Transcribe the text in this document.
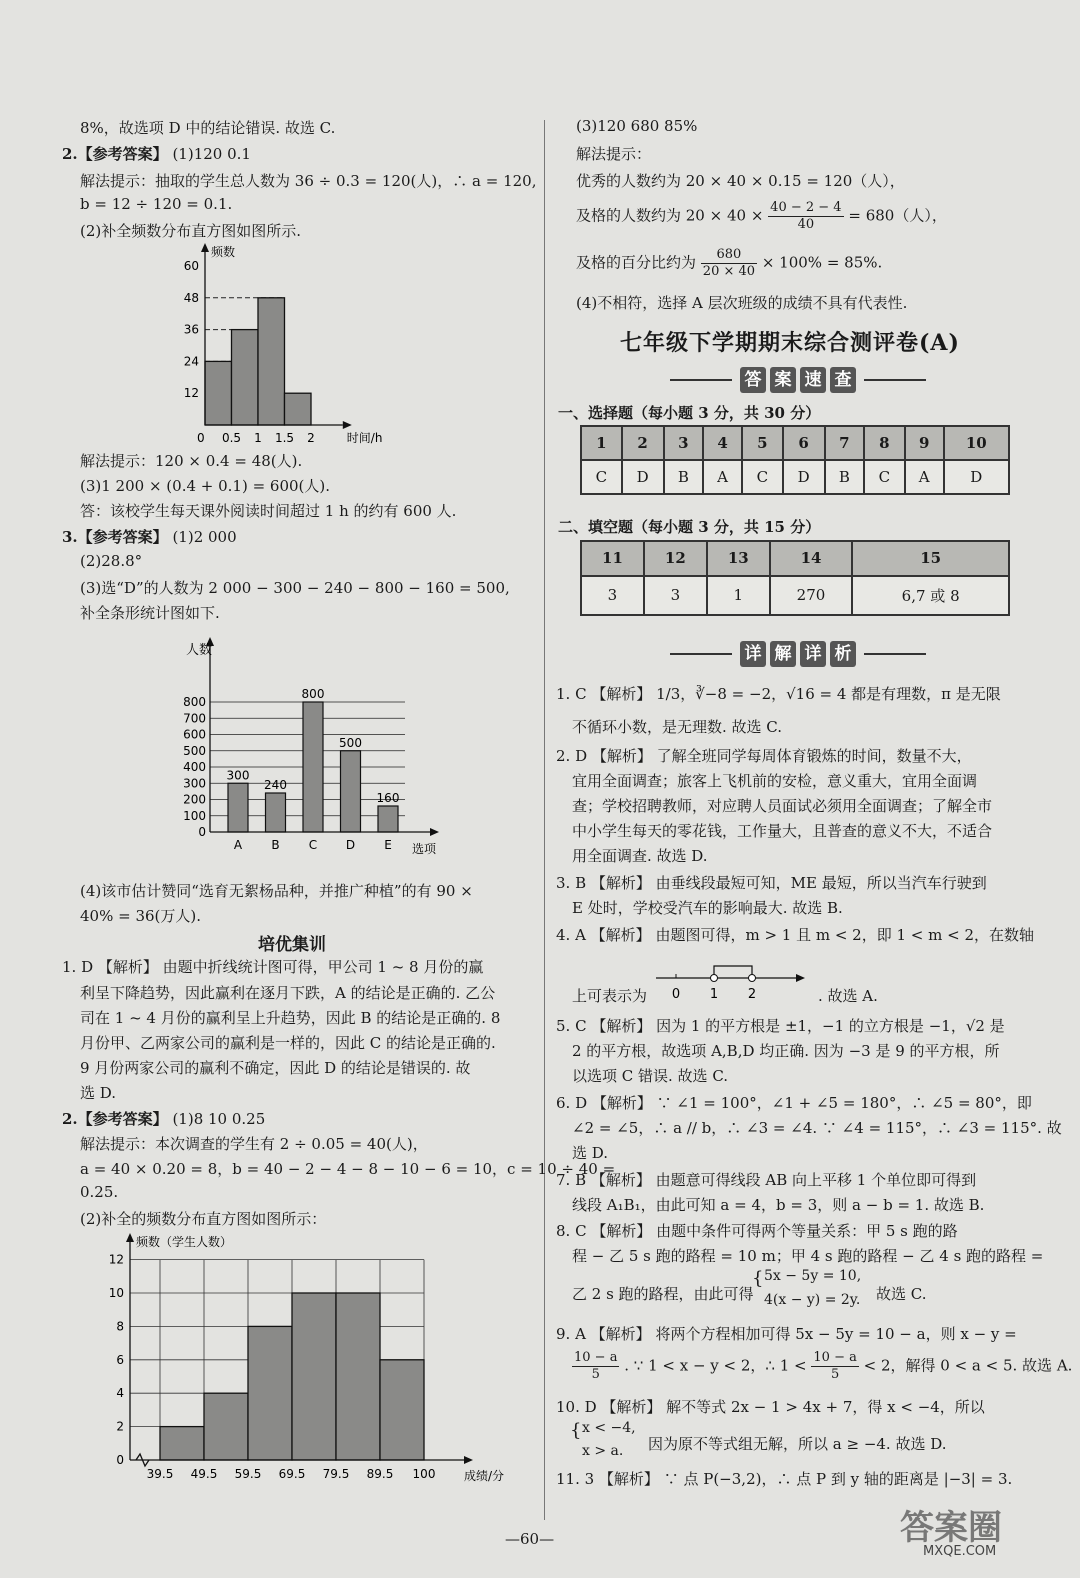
8%，故选项 D 中的结论错误. 故选 C.
2.【参考答案】 (1)120 0.1
解法提示：抽取的学生总人数为 36 ÷ 0.3 = 120(人)，∴ a = 120,
b = 12 ÷ 120 = 0.1.
(2)补全频数分布直方图如图所示.
12
24
36
48
60
0 0.5 1 1.5 2
频数
时间/h
解法提示：120 × 0.4 = 48(人).
(3)1 200 × (0.4 + 0.1) = 600(人).
答：该校学生每天课外阅读时间超过 1 h 的约有 600 人.
3.【参考答案】 (1)2 000
(2)28.8°
(3)选“D”的人数为 2 000 − 300 − 240 − 800 − 160 = 500,
补全条形统计图如下.
0
100
200
300
400
500
600
700
800
300
A
240
B
800
C
500
D
160
E
人数
选项
(4)该市估计赞同“选育无絮杨品种，并推广种植”的有 90 ×
40% = 36(万人).
培优集训
1. D 【解析】 由题中折线统计图可得，甲公司 1 ~ 8 月份的赢
利呈下降趋势，因此赢利在逐月下跌，A 的结论是正确的. 乙公
司在 1 ~ 4 月份的赢利呈上升趋势，因此 B 的结论是正确的. 8
月份甲、乙两家公司的赢利是一样的，因此 C 的结论是正确的.
9 月份两家公司的赢利不确定，因此 D 的结论是错误的. 故
选 D.
2.【参考答案】 (1)8 10 0.25
解法提示：本次调查的学生有 2 ÷ 0.05 = 40(人)，
a = 40 × 0.20 = 8，b = 40 − 2 − 4 − 8 − 10 − 6 = 10，c = 10 ÷ 40 =
0.25.
(2)补全的频数分布直方图如图所示：
2
4
6
8
10
12
39.5 49.5 59.5 69.5 79.5 89.5 100
频数（学生人数）
成绩/分
0
(3)120 680 85%
解法提示：
优秀的人数约为 20 × 40 × 0.15 = 120（人），
及格的人数约为 $20 \times 40 \times \frac{40 - 2 - 4}{40} = 680$（人），
及格的百分比约为 $\frac{680}{20 \times 40} \times 100\% = 85\%$.
(4)不相符，选择 A 层次班级的成绩不具有代表性.
七年级下学期期末综合测评卷(A)
答 案 速 查
一、选择题（每小题 3 分，共 30 分）
1	2	3	4	5	6	7	8	9	10
C	D	B	A	C	D	B	C	A	D
二、填空题（每小题 3 分，共 15 分）
11	12	13	14	15
3	3	1	270	6,7 或 8
详 解 详 析
1. C 【解析】 1/3，∛−8 = −2，√16 = 4 都是有理数，π 是无限
不循环小数，是无理数. 故选 C.
2. D 【解析】 了解全班同学每周体育锻炼的时间，数量不大，
宜用全面调查；旅客上飞机前的安检，意义重大，宜用全面调
查；学校招聘教师，对应聘人员面试必须用全面调查；了解全市
中小学生每天的零花钱，工作量大，且普查的意义不大，不适合
用全面调查. 故选 D.
3. B 【解析】 由垂线段最短可知，ME 最短，所以当汽车行驶到
E 处时，学校受汽车的影响最大. 故选 B.
4. A 【解析】 由题图可得，m > 1 且 m < 2，即 1 < m < 2，在数轴
上可表示为 0 1 2	. 故选 A.
5. C 【解析】 因为 1 的平方根是 ±1，−1 的立方根是 −1，√2 是
2 的平方根，故选项 A,B,D 均正确. 因为 −3 是 9 的平方根，所
以选项 C 错误. 故选 C.
6. D 【解析】 ∵ ∠1 = 100°，∠1 + ∠5 = 180°，∴ ∠5 = 80°，即
∠2 = ∠5，∴ a // b，∴ ∠3 = ∠4. ∵ ∠4 = 115°，∴ ∠3 = 115°. 故
选 D.
7. B 【解析】 由题意可得线段 AB 向上平移 1 个单位即可得到
线段 A₁B₁，由此可知 a = 4，b = 3，则 a − b = 1. 故选 B.
8. C 【解析】 由题中条件可得两个等量关系：甲 5 s 跑的路
程 − 乙 5 s 跑的路程 = 10 m；甲 4 s 跑的路程 − 乙 4 s 跑的路程 =
乙 2 s 跑的路程，由此可得
{ 5x − 5y = 10,
4(x − y) = 2y. 故选 C.
9. A 【解析】 将两个方程相加可得 5x − 5y = 10 − a，则 x − y =
$\frac{10 - a}{5}$ . ∵ 1 < x − y < 2，∴ $1 < \frac{10 - a}{5} < 2$，解得 0 < a < 5. 故选 A.
10. D 【解析】 解不等式 2x − 1 > 4x + 7，得 x < −4，所以
{ x < −4,
x > a. 因为原不等式组无解，所以 a ≥ −4. 故选 D.
11. 3 【解析】 ∵ 点 P(−3,2)，∴ 点 P 到 y 轴的距离是 |−3| = 3.
—60—	答案圈
MXQE.COM
